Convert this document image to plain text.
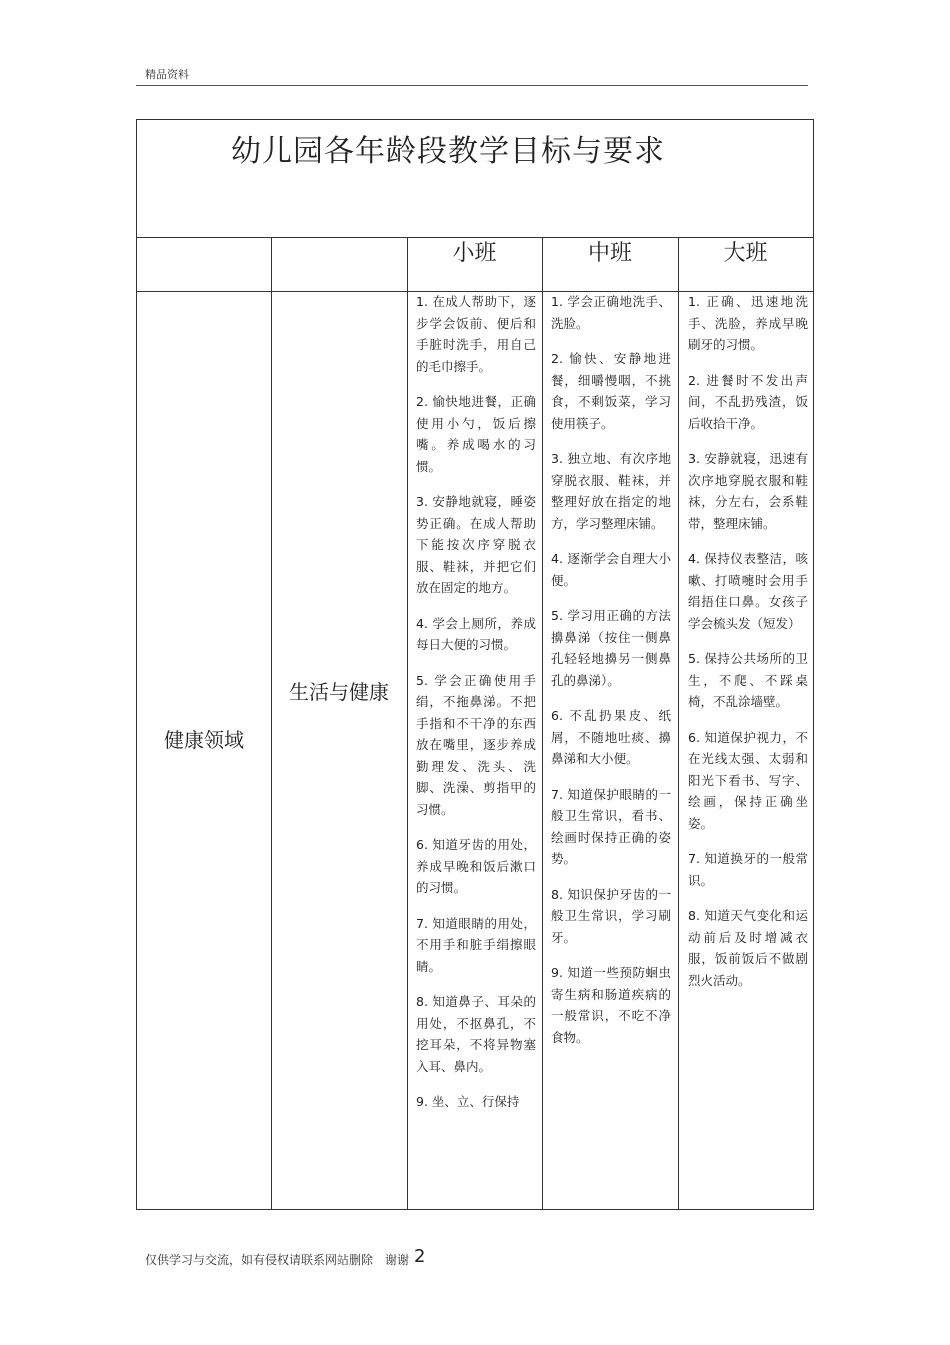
精品资料
幼儿园各年龄段教学目标与要求
小班	中班	大班
健康领域
生活与健康

1. 在成人帮助下，逐步学会饭前、便后和手脏时洗手，用自己的毛巾擦手。

2. 愉快地进餐，正确使用小勺，饭后擦嘴。养成喝水的习惯。

3. 安静地就寝，睡姿势正确。在成人帮助下能按次序穿脱衣服、鞋袜，并把它们放在固定的地方。

4. 学会上厕所，养成每日大便的习惯。

5. 学会正确使用手绢，不拖鼻涕。不把手指和不干净的东西放在嘴里，逐步养成勤理发、洗头、洗脚、洗澡、剪指甲的习惯。

6. 知道牙齿的用处，养成早晚和饭后漱口的习惯。

7. 知道眼睛的用处，不用手和脏手绢擦眼睛。

8. 知道鼻子、耳朵的用处，不抠鼻孔，不挖耳朵，不将异物塞入耳、鼻内。

9. 坐、立、行保持

1. 学会正确地洗手、洗脸。

2. 愉快、安静地进餐，细嚼慢咽，不挑食，不剩饭菜，学习使用筷子。

3. 独立地、有次序地穿脱衣服、鞋袜，并整理好放在指定的地方，学习整理床铺。

4. 逐渐学会自理大小便。

5. 学习用正确的方法擤鼻涕（按住一侧鼻孔轻轻地擤另一侧鼻孔的鼻涕）。

6. 不乱扔果皮、纸屑，不随地吐痰、擤鼻涕和大小便。

7. 知道保护眼睛的一般卫生常识，看书、绘画时保持正确的姿势。

8. 知识保护牙齿的一般卫生常识，学习刷牙。

9. 知道一些预防蛔虫寄生病和肠道疾病的一般常识，不吃不净食物。

1. 正确、迅速地洗手、洗脸，养成早晚刷牙的习惯。

2. 进餐时不发出声间，不乱扔残渣，饭后收拾干净。

3. 安静就寝，迅速有次序地穿脱衣服和鞋袜，分左右，会系鞋带，整理床铺。

4. 保持仪表整洁，咳嗽、打喷嚏时会用手绢捂住口鼻。女孩子学会梳头发（短发）

5. 保持公共场所的卫生，不爬、不踩桌椅，不乱涂墙壁。

6. 知道保护视力，不在光线太强、太弱和阳光下看书、写字、绘画，保持正确坐姿。

7. 知道换牙的一般常识。

8. 知道天气变化和运动前后及时增减衣服，饭前饭后不做剧烈火活动。

仅供学习与交流，如有侵权请联系网站删除　谢谢 2
